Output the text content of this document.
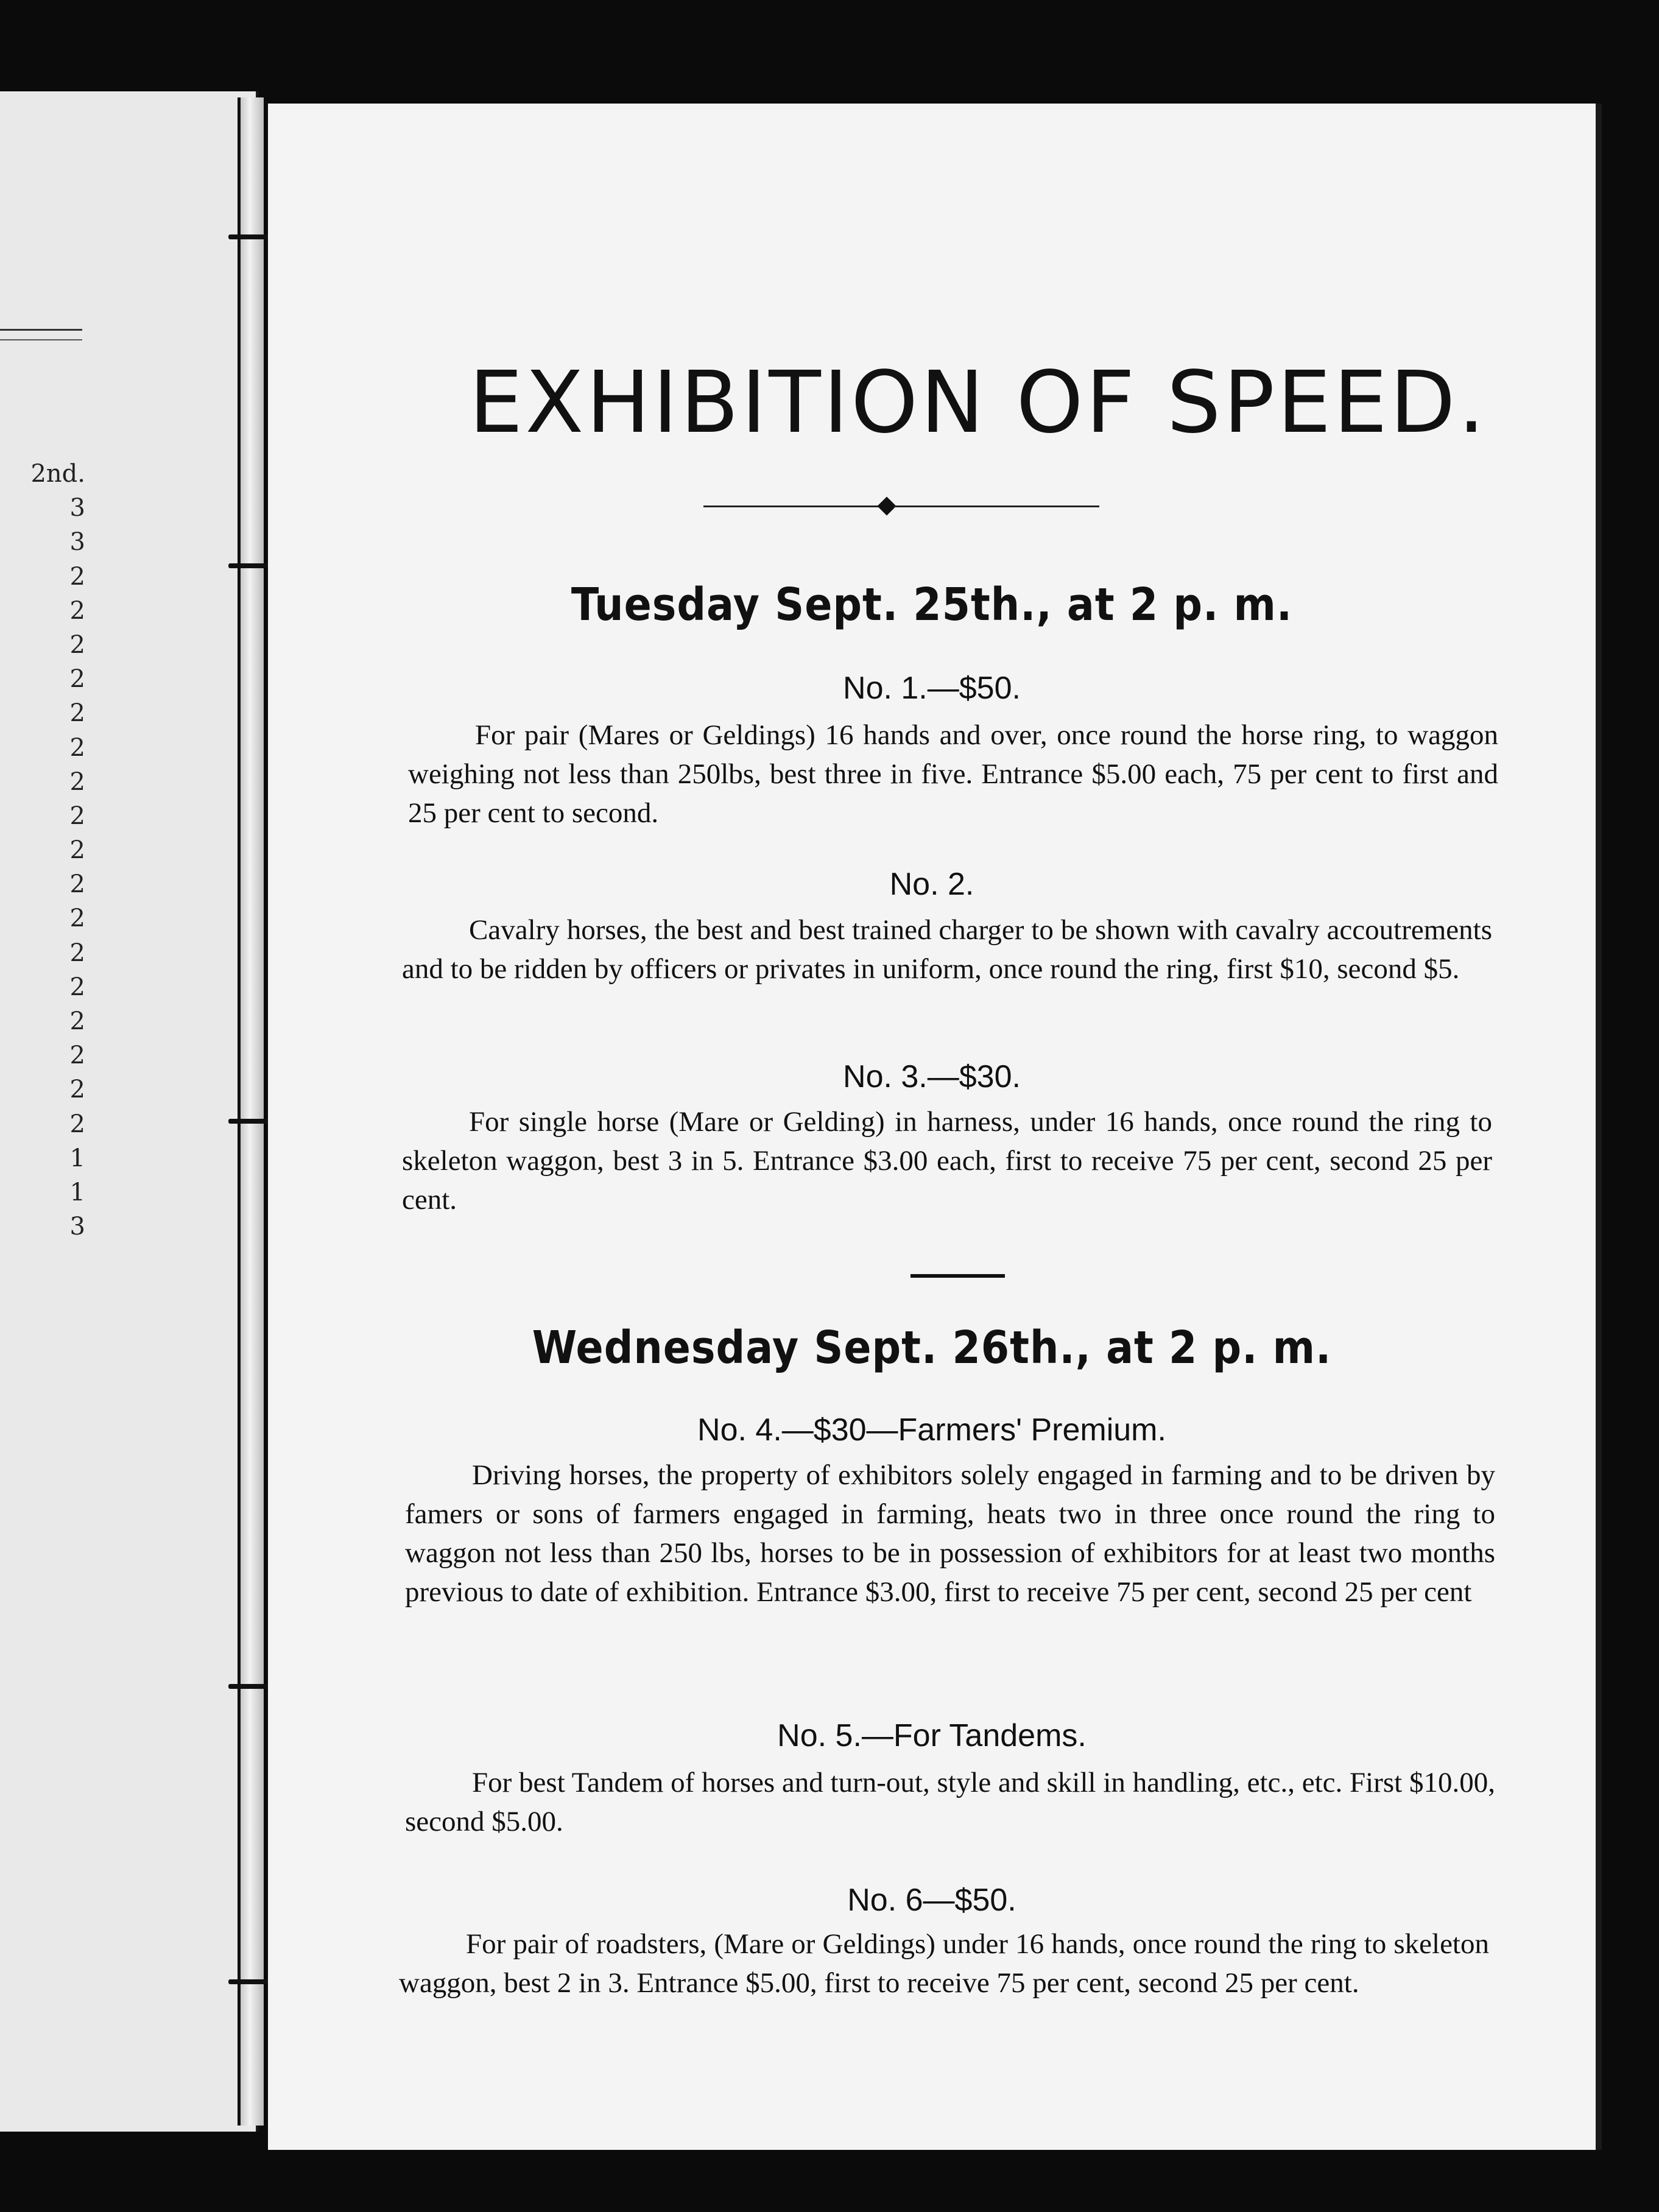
2nd.
3
3
2
2
2
2
2
2
2
2
2
2
2
2
2
2
2
2
2
1
1
3
EXHIBITION OF SPEED.
Tuesday Sept. 25th., at 2 p. m.
No. 1.—$50.
For pair (Mares or Geldings) 16 hands and over, once round the horse ring, to waggon weighing not less than 250lbs, best three in five. Entrance $5.00 each, 75 per cent to first and 25 per cent to second.
No. 2.
Cavalry horses, the best and best trained charger to be shown with cavalry accoutrements and to be ridden by officers or privates in uniform, once round the ring, first $10, second $5.
No. 3.—$30.
For single horse (Mare or Gelding) in harness, under 16 hands, once round the ring to skeleton waggon, best 3 in 5. Entrance $3.00 each, first to receive 75 per cent, second 25 per cent.
Wednesday Sept. 26th., at 2 p. m.
No. 4.—$30—Farmers' Premium.
Driving horses, the property of exhibitors solely engaged in farming and to be driven by famers or sons of farmers engaged in farming, heats two in three once round the ring to waggon not less than 250 lbs, horses to be in possession of exhibitors for at least two months previous to date of exhibition. Entrance $3.00, first to receive 75 per cent, second 25 per cent
No. 5.—For Tandems.
For best Tandem of horses and turn-out, style and skill in handling, etc., etc. First $10.00, second $5.00.
No. 6—$50.
For pair of roadsters, (Mare or Geldings) under 16 hands, once round the ring to skeleton waggon, best 2 in 3. Entrance $5.00, first to receive 75 per cent, second 25 per cent.
